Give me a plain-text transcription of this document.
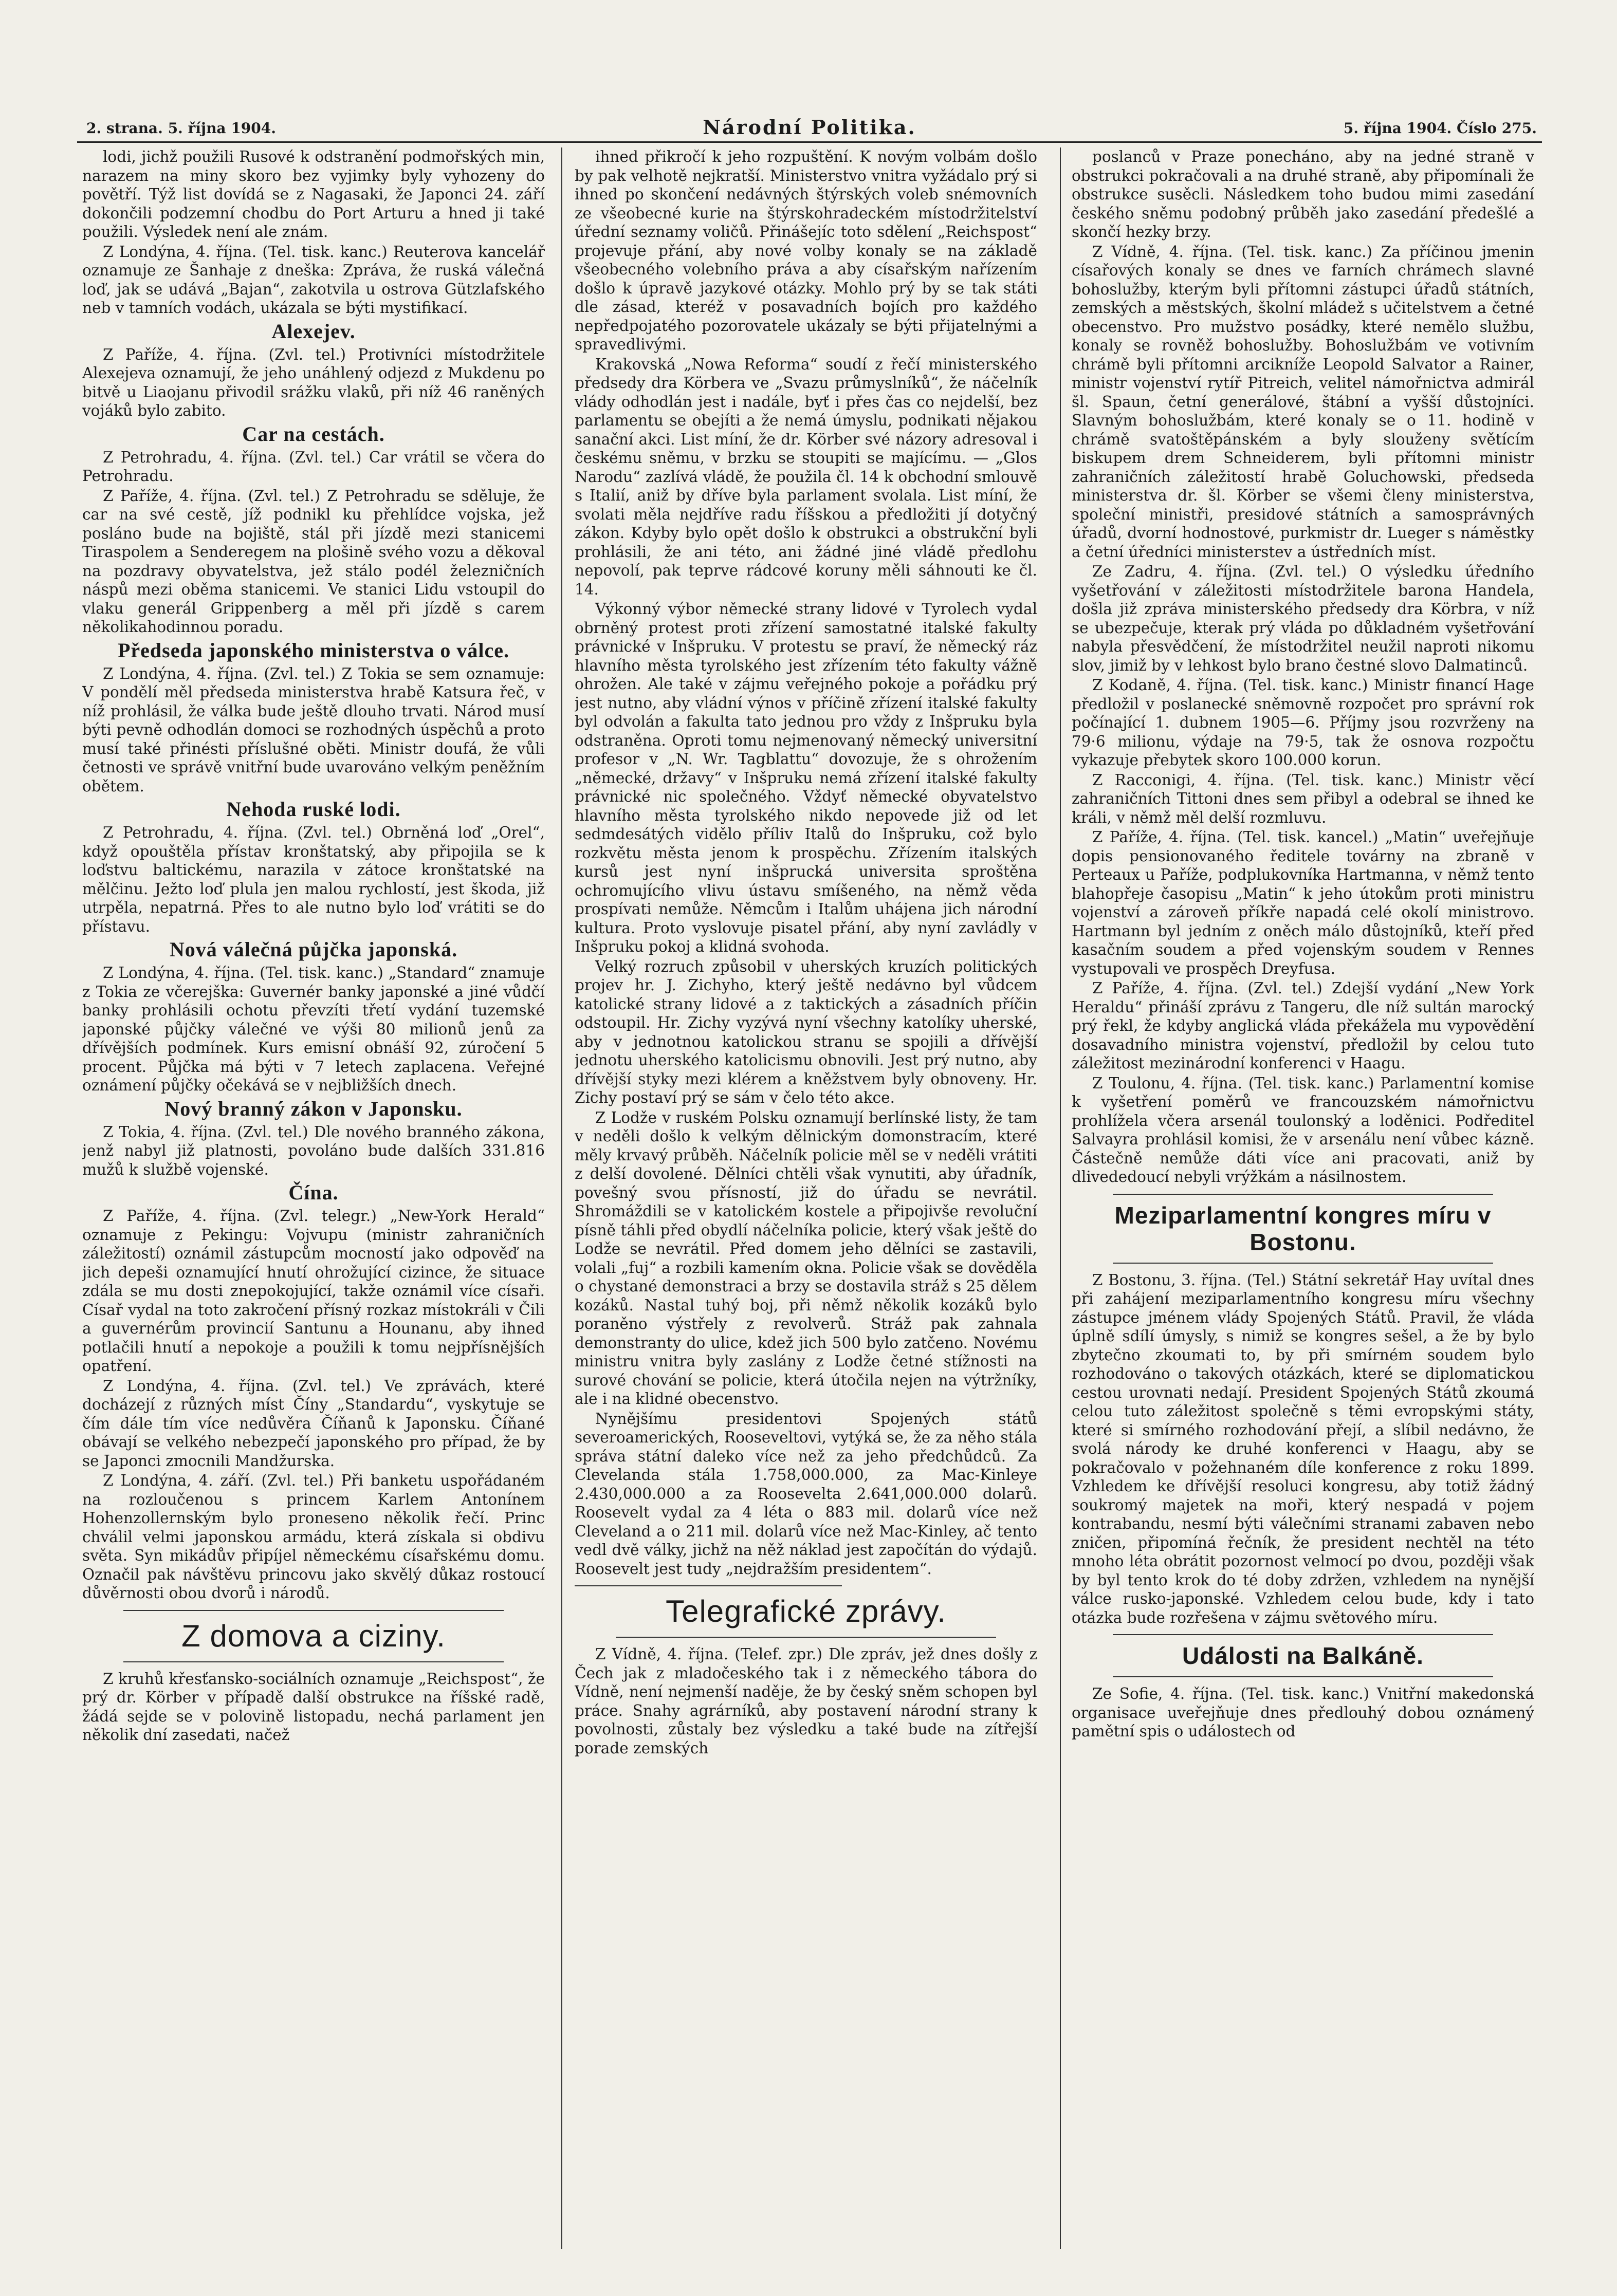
2. strana. 5. října 1904.	Národní Politika.	5. října 1904. Číslo 275.

lodi, jichž použili Rusové k odstranění podmořských min, narazem na miny skoro bez vyjimky byly vyhozeny do povětří. Týž list dovídá se z Nagasaki, že Japonci 24. září dokončili podzemní chodbu do Port Arturu a hned ji také použili. Výsledek není ale znám.

Z Londýna, 4. října. (Tel. tisk. kanc.) Reuterova kancelář oznamuje ze Šanhaje z dneška: Zpráva, že ruská válečná loď, jak se udává „Bajan“, zakotvila u ostrova Gützlafského neb v tamních vodách, ukázala se býti mystifikací.

Alexejev.

Z Paříže, 4. října. (Zvl. tel.) Protivníci místodržitele Alexejeva oznamují, že jeho unáhlený odjezd z Mukdenu po bitvě u Liaojanu přivodil srážku vlaků, při níž 46 raněných vojáků bylo zabito.

Car na cestách.

Z Petrohradu, 4. října. (Zvl. tel.) Car vrátil se včera do Petrohradu.

Z Paříže, 4. října. (Zvl. tel.) Z Petrohradu se sděluje, že car na své cestě, jíž podnikl ku přehlídce vojska, jež posláno bude na bojiště, stál při jízdě mezi stanicemi Tiraspolem a Senderegem na plošině svého vozu a děkoval na pozdravy obyvatelstva, jež stálo podél železničních náspů mezi oběma stanicemi. Ve stanici Lidu vstoupil do vlaku generál Grippenberg a měl při jízdě s carem několikahodinnou poradu.

Předseda japonského ministerstva o válce.

Z Londýna, 4. října. (Zvl. tel.) Z Tokia se sem oznamuje: V pondělí měl předseda ministerstva hrabě Katsura řeč, v níž prohlásil, že válka bude ještě dlouho trvati. Národ musí býti pevně odhodlán domoci se rozhodných úspěchů a proto musí také přinésti příslušné oběti. Ministr doufá, že vůli četnosti ve správě vnitřní bude uvarováno velkým peněžním obětem.

Nehoda ruské lodi.

Z Petrohradu, 4. října. (Zvl. tel.) Obrněná loď „Orel“, když opouštěla přístav kronštatský, aby připojila se k loďstvu baltickému, narazila v zátoce kronštatské na mělčinu. Ježto loď plula jen malou rychlostí, jest škoda, již utrpěla, nepatrná. Přes to ale nutno bylo loď vrátiti se do přístavu.

Nová válečná půjčka japonská.

Z Londýna, 4. října. (Tel. tisk. kanc.) „Standard“ znamuje z Tokia ze včerejška: Guvernér banky japonské a jiné vůdčí banky prohlásili ochotu převzíti třetí vydání tuzemské japonské půjčky válečné ve výši 80 milionů jenů za dřívějších podmínek. Kurs emisní obnáší 92, zúročení 5 procent. Půjčka má býti v 7 letech zaplacena. Veřejné oznámení půjčky očekává se v nejbližších dnech.

Nový branný zákon v Japonsku.

Z Tokia, 4. října. (Zvl. tel.) Dle nového branného zákona, jenž nabyl již platnosti, povoláno bude dalších 331.816 mužů k službě vojenské.

Čína.

Z Paříže, 4. října. (Zvl. telegr.) „New-York Herald“ oznamuje z Pekingu: Vojvupu (ministr zahraničních záležitostí) oznámil zástupcům mocností jako odpověď na jich depeši oznamující hnutí ohrožující cizince, že situace zdála se mu dosti znepokojující, takže oznámil více císaři. Císař vydal na toto zakročení přísný rozkaz místokráli v Čili a guvernérům provincií Santunu a Hounanu, aby ihned potlačili hnutí a nepokoje a použili k tomu nejpřísnějších opatření.

Z Londýna, 4. října. (Zvl. tel.) Ve zprávách, které docházejí z různých míst Číny „Standardu“, vyskytuje se čím dále tím více nedůvěra Číňanů k Japonsku. Číňané obávají se velkého nebezpečí japonského pro případ, že by se Japonci zmocnili Mandžurska.

Z Londýna, 4. září. (Zvl. tel.) Při banketu uspořádaném na rozloučenou s princem Karlem Antonínem Hohenzollernským bylo proneseno několik řečí. Princ chválil velmi japonskou armádu, která získala si obdivu světa. Syn mikádův připíjel německému císařskému domu. Označil pak návštěvu princovu jako skvělý důkaz rostoucí důvěrnosti obou dvorů i národů.

Z domova a ciziny.

Z kruhů křesťansko-sociálních oznamuje „Reichspost“, že prý dr. Körber v případě další obstrukce na říšské radě, žádá sejde se v polovině listopadu, nechá parlament jen několik dní zasedati, načež

ihned přikročí k jeho rozpuštění. K novým volbám došlo by pak velhotě nejkratší. Ministerstvo vnitra vyžádalo prý si ihned po skončení nedávných štýrských voleb snémovních ze všeobecné kurie na štýrskohradeckém místodržitelství úřední seznamy voličů. Přinášejíc toto sdělení „Reichspost“ projevuje přání, aby nové volby konaly se na základě všeobecného volebního práva a aby císařským nařízením došlo k úpravě jazykové otázky. Mohlo prý by se tak státi dle zásad, kteréž v posavadních bojích pro každého nepředpojatého pozorovatele ukázaly se býti přijatelnými a spravedlivými.

Krakovská „Nowa Reforma“ soudí z řečí ministerského předsedy dra Körbera ve „Svazu průmyslníků“, že náčelník vlády odhodlán jest i nadále, byť i přes čas co nejdelší, bez parlamentu se obejíti a že nemá úmyslu, podnikati nějakou sanační akci. List míní, že dr. Körber své názory adresoval i českému sněmu, v brzku se stoupiti se majícímu. — „Glos Narodu“ zazlívá vládě, že použila čl. 14 k obchodní smlouvě s Italií, aniž by dříve byla parlament svolala. List míní, že svolati měla nejdříve radu říšskou a předložiti jí dotyčný zákon. Kdyby bylo opět došlo k obstrukci a obstrukční byli prohlásili, že ani této, ani žádné jiné vládě předlohu nepovolí, pak teprve rádcové koruny měli sáhnouti ke čl. 14.

Výkonný výbor německé strany lidové v Tyrolech vydal obrněný protest proti zřízení samostatné italské fakulty právnické v Inšpruku. V protestu se praví, že německý ráz hlavního města tyrolského jest zřízením této fakulty vážně ohrožen. Ale také v zájmu veřejného pokoje a pořádku prý jest nutno, aby vládní výnos v příčině zřízení italské fakulty byl odvolán a fakulta tato jednou pro vždy z Inšpruku byla odstraněna. Oproti tomu nejmenovaný německý universitní profesor v „N. Wr. Tagblattu“ dovozuje, že s ohrožením „německé, državy“ v Inšpruku nemá zřízení italské fakulty právnické nic společného. Vždyť německé obyvatelstvo hlavního města tyrolského nikdo nepovede již od let sedmdesátých vidělo příliv Italů do Inšpruku, což bylo rozkvětu města jenom k prospěchu. Zřízením italských kursů jest nyní inšprucká universita sproštěna ochromujícího vlivu ústavu smíšeného, na němž věda prospívati nemůže. Němcům i Italům uhájena jich národní kultura. Proto vyslovuje pisatel přání, aby nyní zavládly v Inšpruku pokoj a klidná svohoda.

Velký rozruch způsobil v uherských kruzích politických projev hr. J. Zichyho, který ještě nedávno byl vůdcem katolické strany lidové a z taktických a zásadních příčin odstoupil. Hr. Zichy vyzývá nyní všechny katolíky uherské, aby v jednotnou katolickou stranu se spojili a dřívější jednotu uherského katolicismu obnovili. Jest prý nutno, aby dřívější styky mezi klérem a kněžstvem byly obnoveny. Hr. Zichy postaví prý se sám v čelo této akce.

Z Lodže v ruském Polsku oznamují berlínské listy, že tam v neděli došlo k velkým dělnickým domonstracím, které měly krvavý průběh. Náčelník policie měl se v neděli vrátiti z delší dovolené. Dělníci chtěli však vynutiti, aby úřadník, povešný svou přísností, již do úřadu se nevrátil. Shromáždili se v katolickém kostele a připojivše revoluční písně táhli před obydlí náčelníka policie, který však ještě do Lodže se nevrátil. Před domem jeho dělníci se zastavili, volali „fuj“ a rozbili kamením okna. Policie však se dověděla o chystané demonstraci a brzy se dostavila stráž s 25 dělem kozáků. Nastal tuhý boj, při němž několik kozáků bylo poraněno výstřely z revolverů. Stráž pak zahnala demonstranty do ulice, kdež jich 500 bylo zatčeno. Novému ministru vnitra byly zaslány z Lodže četné stížnosti na surové chování se policie, která útočila nejen na výtržníky, ale i na klidné obecenstvo.

Nynějšímu presidentovi Spojených států severoamerických, Rooseveltovi, vytýká se, že za něho stála správa státní daleko více než za jeho předchůdců. Za Clevelanda stála 1.758,000.000, za Mac-Kinleye 2.430,000.000 a za Roosevelta 2.641,000.000 dolarů. Roosevelt vydal za 4 léta o 883 mil. dolarů více než Cleveland a o 211 mil. dolarů více než Mac-Kinley, ač tento vedl dvě války, jichž na něž náklad jest započítán do výdajů. Roosevelt jest tudy „nejdražším presidentem“.

Telegrafické zprávy.

Z Vídně, 4. října. (Telef. zpr.) Dle zpráv, jež dnes došly z Čech jak z mladočeského tak i z německého tábora do Vídně, není nejmenší naděje, že by český sněm schopen byl práce. Snahy agrárníků, aby postavení národní strany k povolnosti, zůstaly bez výsledku a také bude na zítřejší porade zemských

poslanců v Praze ponecháno, aby na jedné straně v obstrukci pokračovali a na druhé straně, aby připomínali že obstrukce susěcli. Následkem toho budou mimi zasedání českého sněmu podobný průběh jako zasedání předešlé a skončí hezky brzy.

Z Vídně, 4. října. (Tel. tisk. kanc.) Za příčinou jmenin císařových konaly se dnes ve farních chrámech slavné bohoslužby, kterým byli přítomni zástupci úřadů státních, zemských a městských, školní mládež s učitelstvem a četné obecenstvo. Pro mužstvo posádky, které nemělo službu, konaly se rovněž bohoslužby. Bohoslužbám ve votivním chrámě byli přítomni arcikníže Leopold Salvator a Rainer, ministr vojenství rytíř Pitreich, velitel námořnictva admirál šl. Spaun, četní generálové, štábní a vyšší důstojníci. Slavným bohoslužbám, které konaly se o 11. hodině v chrámě svatoštěpánském a byly slouženy světícím biskupem drem Schneiderem, byli přítomni ministr zahraničních záležitostí hrabě Goluchowski, předseda ministerstva dr. šl. Körber se všemi členy ministerstva, společní ministři, presidové státních a samosprávných úřadů, dvorní hodnostové, purkmistr dr. Lueger s náměstky a četní úředníci ministerstev a ústředních míst.

Ze Zadru, 4. října. (Zvl. tel.) O výsledku úředního vyšetřování v záležitosti místodržitele barona Handela, došla již zpráva ministerského předsedy dra Körbra, v níž se ubezpečuje, kterak prý vláda po důkladném vyšetřování nabyla přesvědčení, že místodržitel neužil naproti nikomu slov, jimiž by v lehkost bylo brano čestné slovo Dalmatinců.

Z Kodaně, 4. října. (Tel. tisk. kanc.) Ministr financí Hage předložil v poslanecké sněmovně rozpočet pro správní rok počínající 1. dubnem 1905—6. Příjmy jsou rozvrženy na 79·6 milionu, výdaje na 79·5, tak že osnova rozpočtu vykazuje přebytek skoro 100.000 korun.

Z Racconigi, 4. října. (Tel. tisk. kanc.) Ministr věcí zahraničních Tittoni dnes sem přibyl a odebral se ihned ke králi, v němž měl delší rozmluvu.

Z Paříže, 4. října. (Tel. tisk. kancel.) „Matin“ uveřejňuje dopis pensionovaného ředitele továrny na zbraně v Perteaux u Paříže, podplukovníka Hartmanna, v němž tento blahopřeje časopisu „Matin“ k jeho útokům proti ministru vojenství a zároveň příkře napadá celé okolí ministrovo. Hartmann byl jedním z oněch málo důstojníků, kteří před kasačním soudem a před vojenským soudem v Rennes vystupovali ve prospěch Dreyfusa.

Z Paříže, 4. října. (Zvl. tel.) Zdejší vydání „New York Heraldu“ přináší zprávu z Tangeru, dle níž sultán marocký prý řekl, že kdyby anglická vláda překážela mu vypovědění dosavadního ministra vojenství, předložil by celou tuto záležitost mezinárodní konferenci v Haagu.

Z Toulonu, 4. října. (Tel. tisk. kanc.) Parlamentní komise k vyšetření poměrů ve francouzském námořnictvu prohlížela včera arsenál toulonský a loděnici. Podředitel Salvayra prohlásil komisi, že v arsenálu není vůbec kázně. Částečně nemůže dáti více ani pracovati, aniž by dlivededoucí nebyli vrýžkám a násilnostem.

Meziparlamentní kongres míru v Bostonu.

Z Bostonu, 3. října. (Tel.) Státní sekretář Hay uvítal dnes při zahájení meziparlamentního kongresu míru všechny zástupce jménem vlády Spojených Států. Pravil, že vláda úplně sdílí úmysly, s nimiž se kongres sešel, a že by bylo zbytečno zkoumati to, by při smírném soudem bylo rozhodováno o takových otázkách, které se diplomatickou cestou urovnati nedají. President Spojených Států zkoumá celou tuto záležitost společně s těmi evropskými státy, které si smírného rozhodování přejí, a slíbil nedávno, že svolá národy ke druhé konferenci v Haagu, aby se pokračovalo v požehnaném díle konference z roku 1899. Vzhledem ke dřívější resoluci kongresu, aby totiž žádný soukromý majetek na moři, který nespadá v pojem kontrabandu, nesmí býti válečními stranami zabaven nebo zničen, připomíná řečník, že president nechtěl na této mnoho léta obrátit pozornost velmocí po dvou, později však by byl tento krok do té doby zdržen, vzhledem na nynější válce rusko-japonské. Vzhledem celou bude, kdy i tato otázka bude rozřešena v zájmu světového míru.

Události na Balkáně.

Ze Sofie, 4. října. (Tel. tisk. kanc.) Vnitřní makedonská organisace uveřejňuje dnes předlouhý dobou oznámený pamětní spis o událostech od
